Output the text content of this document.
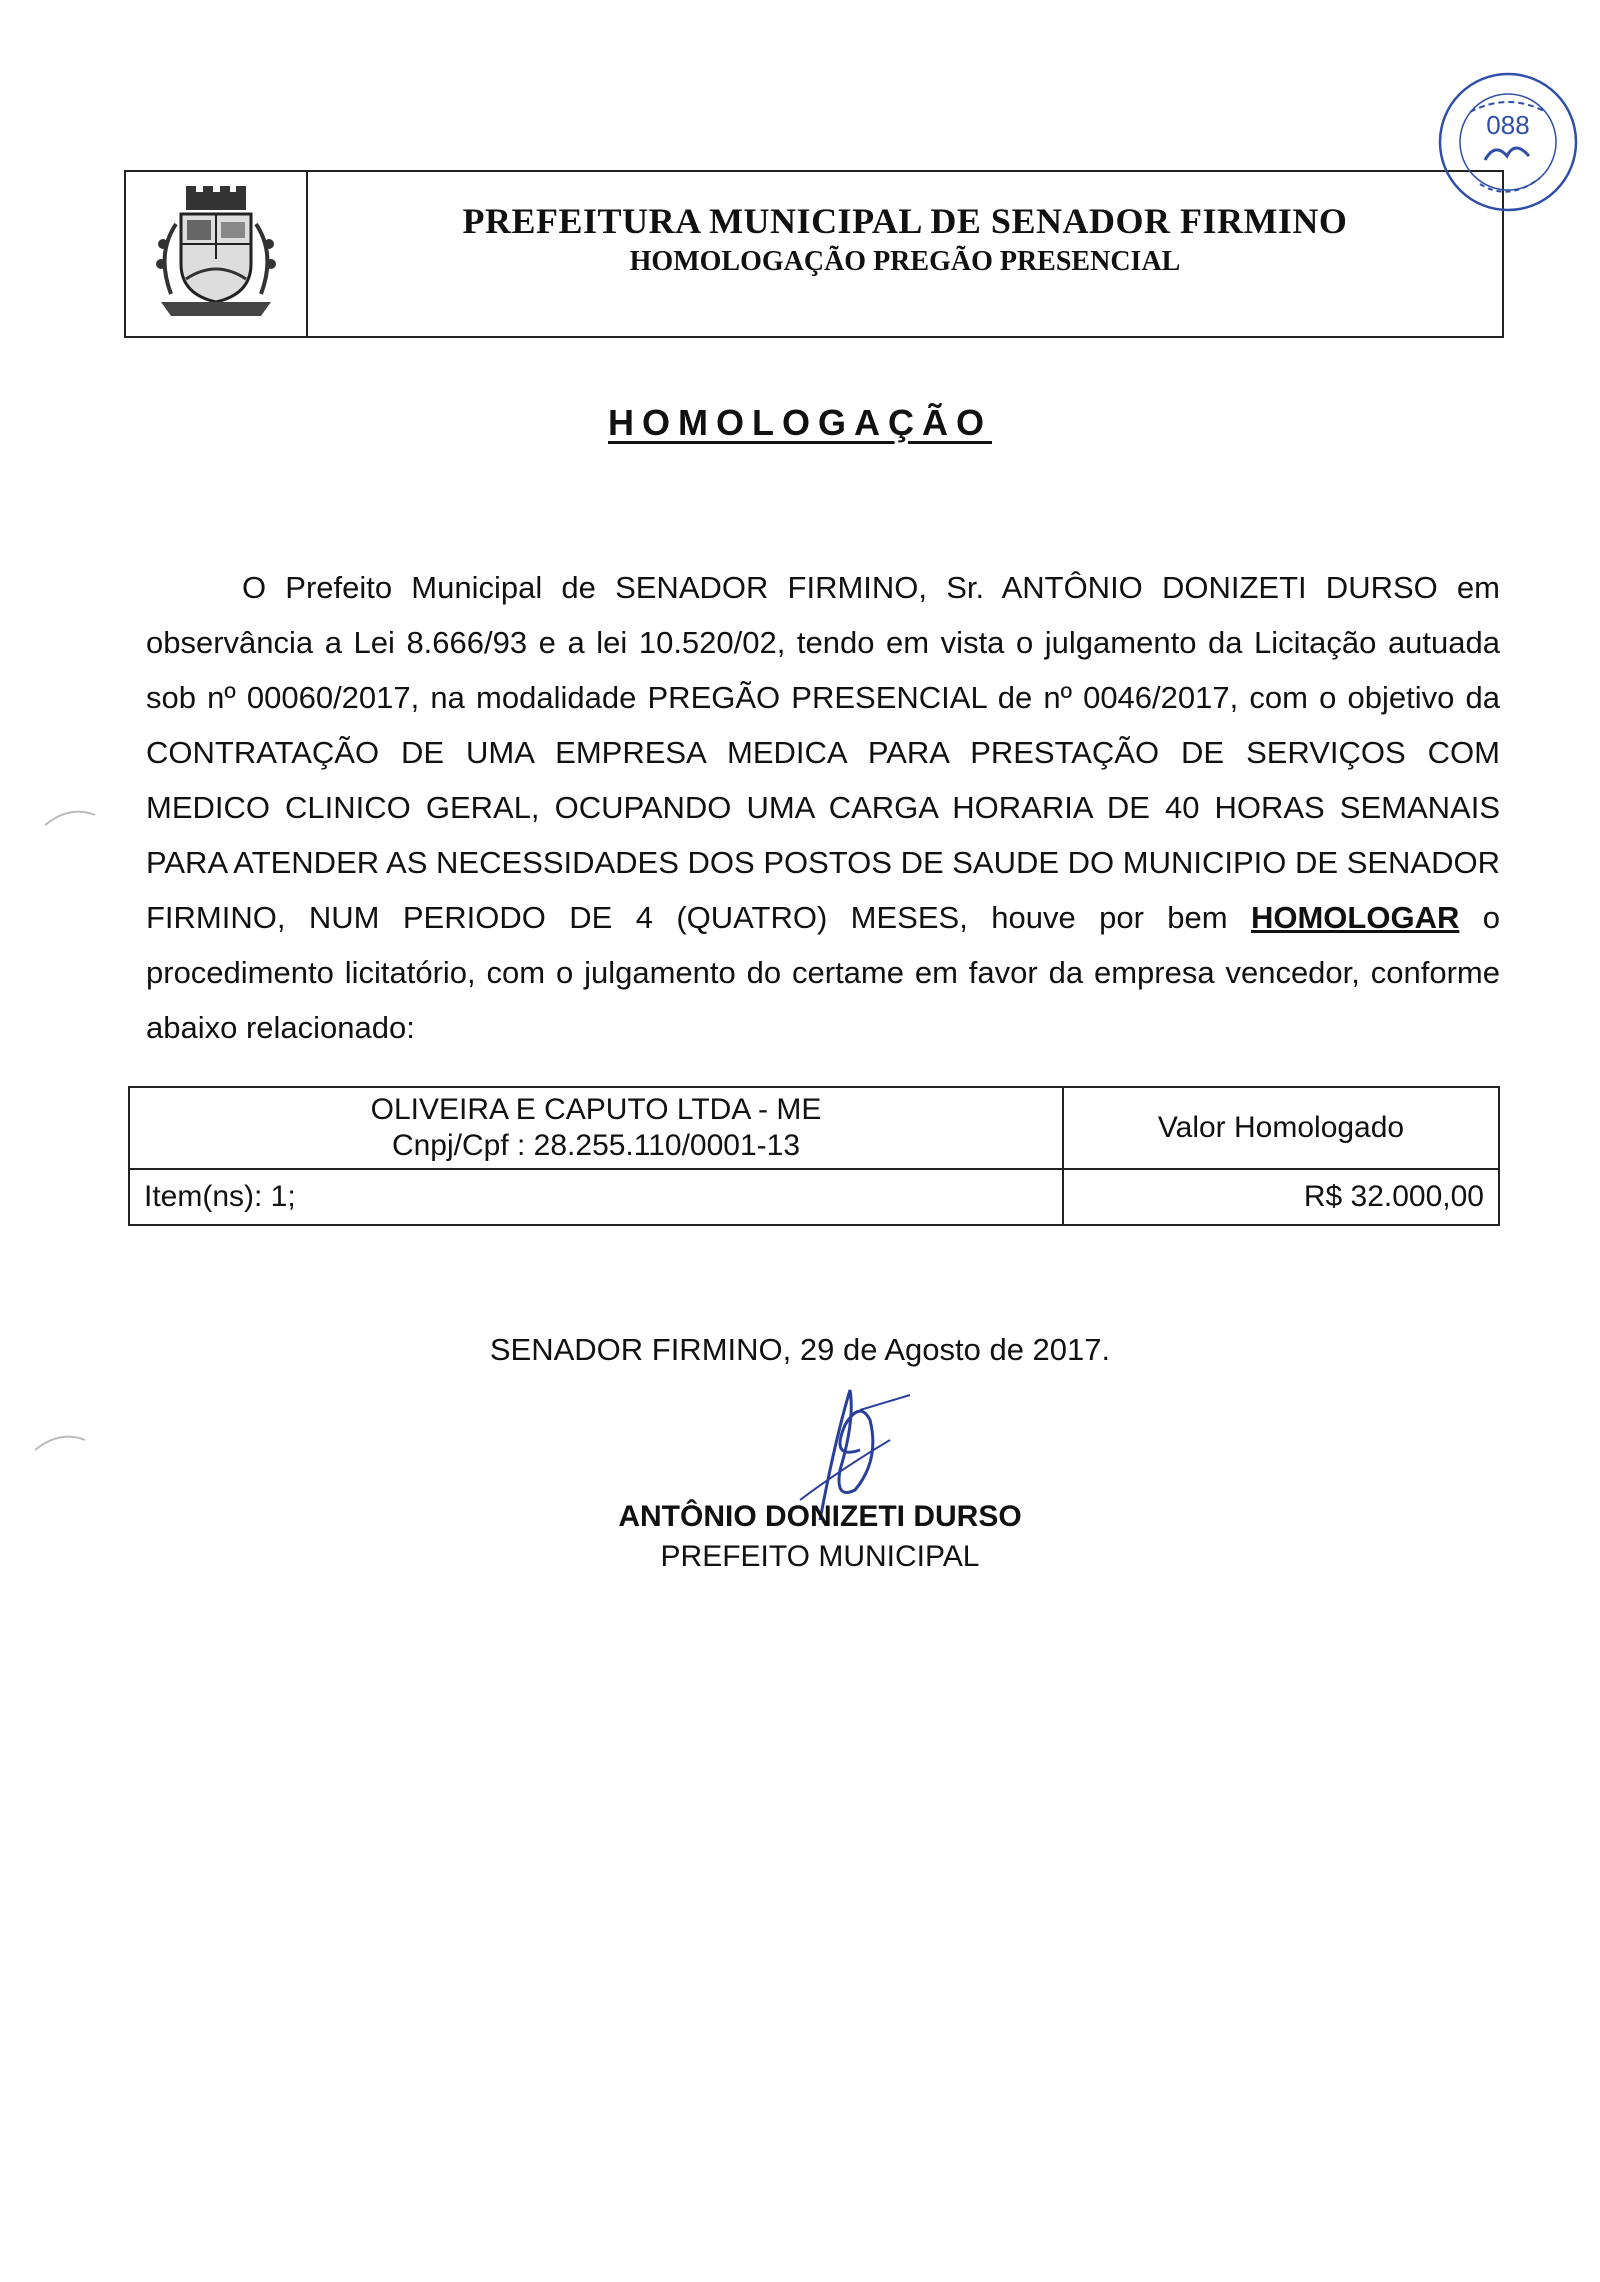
PREFEITURA MUNICIPAL DE SENADOR FIRMINO
HOMOLOGAÇÃO PREGÃO PRESENCIAL
088
HOMOLOGAÇÃO
O Prefeito Municipal de SENADOR FIRMINO, Sr. ANTÔNIO DONIZETI DURSO em observância a Lei 8.666/93 e a lei 10.520/02, tendo em vista o julgamento da Licitação autuada sob nº 00060/2017, na modalidade PREGÃO PRESENCIAL de nº 0046/2017, com o objetivo da CONTRATAÇÃO DE UMA EMPRESA MEDICA PARA PRESTAÇÃO DE SERVIÇOS COM MEDICO CLINICO GERAL, OCUPANDO UMA CARGA HORARIA DE 40 HORAS SEMANAIS PARA ATENDER AS NECESSIDADES DOS POSTOS DE SAUDE DO MUNICIPIO DE SENADOR FIRMINO, NUM PERIODO DE 4 (QUATRO) MESES, houve por bem HOMOLOGAR o procedimento licitatório, com o julgamento do certame em favor da empresa vencedor, conforme abaixo relacionado:
OLIVEIRA E CAPUTO LTDA - ME
Cnpj/Cpf : 28.255.110/0001-13	Valor Homologado
Item(ns): 1;	R$ 32.000,00
SENADOR FIRMINO, 29 de Agosto de 2017.
ANTÔNIO DONIZETI DURSO
PREFEITO MUNICIPAL
